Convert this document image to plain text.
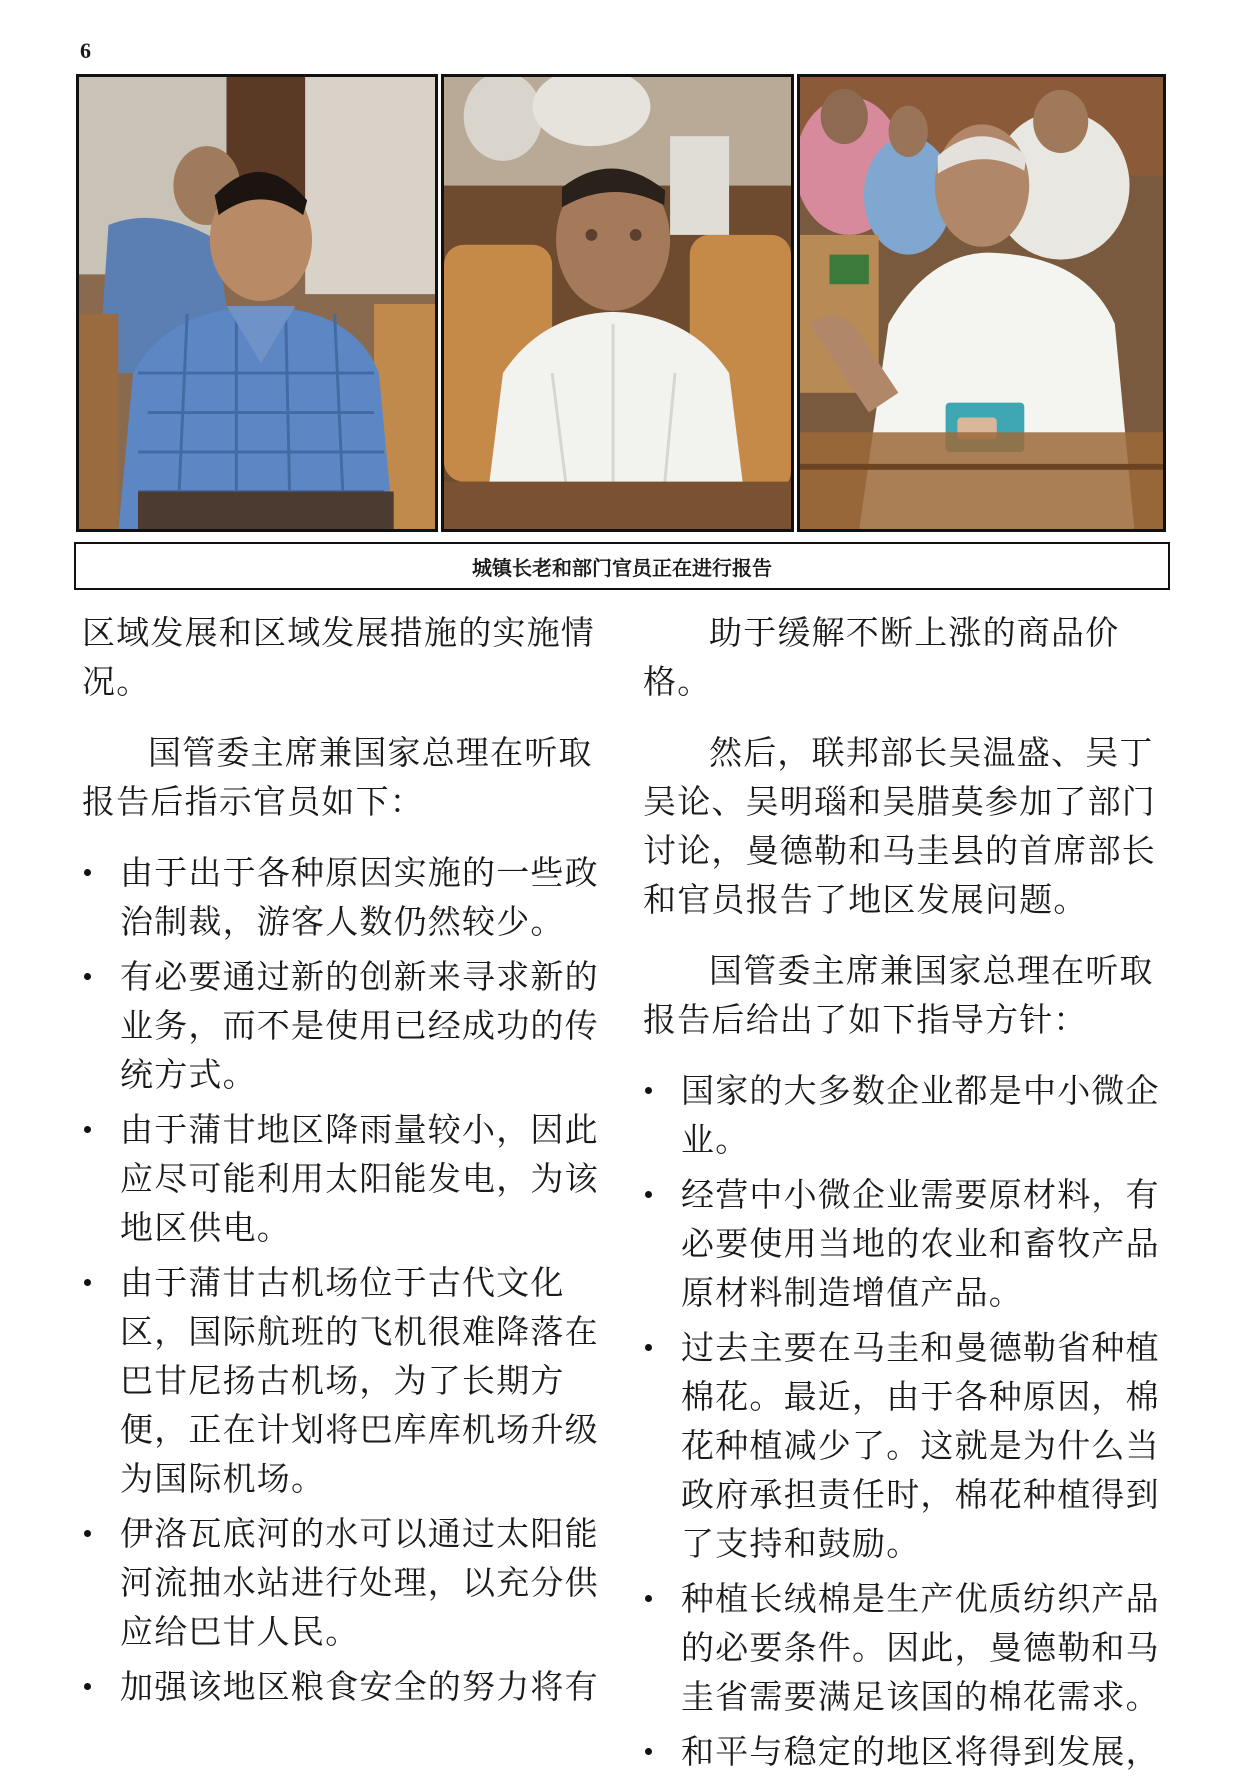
6
城镇长老和部门官员正在进行报告

区域发展和区域发展措施的实施情况。

国管委主席兼国家总理在听取报告后指示官员如下：

由于出于各种原因实施的一些政治制裁，游客人数仍然较少。
有必要通过新的创新来寻求新的业务，而不是使用已经成功的传统方式。
由于蒲甘地区降雨量较小，因此应尽可能利用太阳能发电，为该地区供电。
由于蒲甘古机场位于古代文化区，国际航班的飞机很难降落在巴甘尼扬古机场，为了长期方便，正在计划将巴库库机场升级为国际机场。
伊洛瓦底河的水可以通过太阳能河流抽水站进行处理，以充分供应给巴甘人民。
加强该地区粮食安全的努力将有

助于缓解不断上涨的商品价格。

然后，联邦部长吴温盛、吴丁吴论、吴明瑙和吴腊莫参加了部门讨论，曼德勒和马圭县的首席部长和官员报告了地区发展问题。

国管委主席兼国家总理在听取报告后给出了如下指导方针：

国家的大多数企业都是中小微企业。
经营中小微企业需要原材料，有必要使用当地的农业和畜牧产品原材料制造增值产品。
过去主要在马圭和曼德勒省种植棉花。最近，由于各种原因，棉花种植减少了。这就是为什么当政府承担责任时，棉花种植得到了支持和鼓励。
种植长绒棉是生产优质纺织产品的必要条件。因此，曼德勒和马圭省需要满足该国的棉花需求。
和平与稳定的地区将得到发展，
